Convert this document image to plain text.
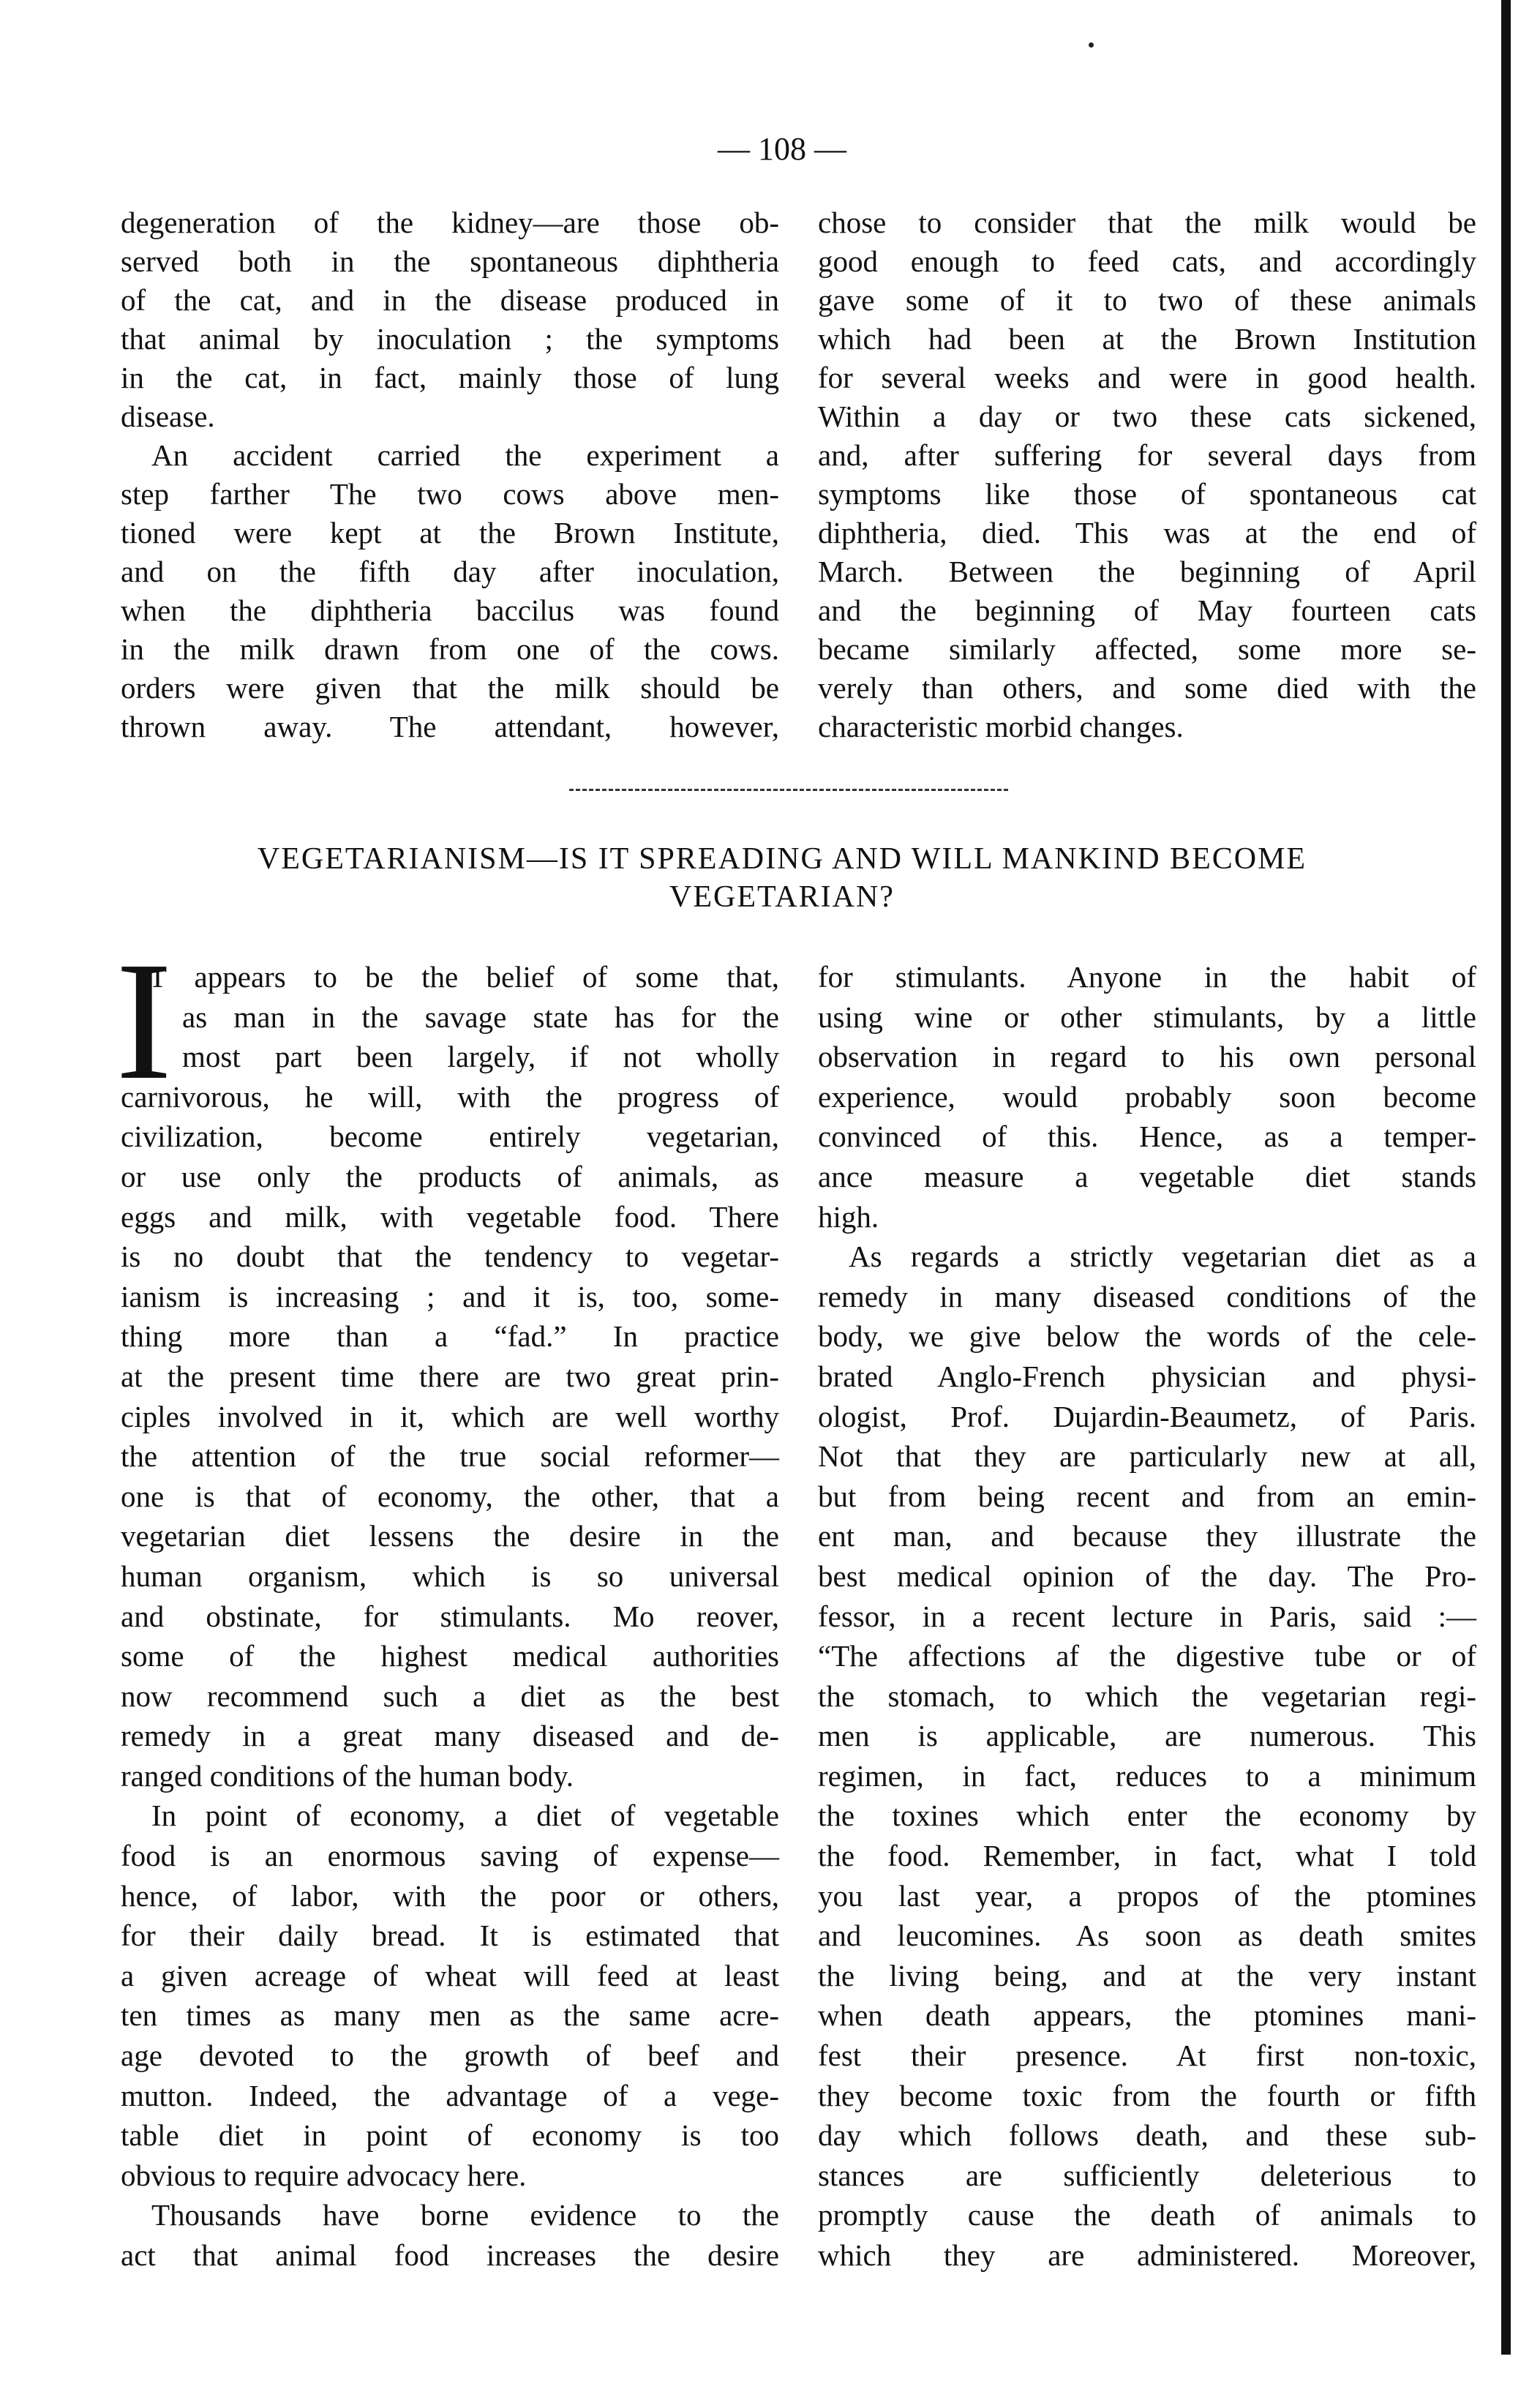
— 108 —
degeneration of the kidney—are those ob-
served both in the spontaneous diphtheria
of the cat, and in the disease produced in
that animal by inoculation ; the symptoms
in the cat, in fact, mainly those of lung
disease.
An accident carried the experiment a
step farther The two cows above men-
tioned were kept at the Brown Institute,
and on the fifth day after inoculation,
when the diphtheria baccilus was found
in the milk drawn from one of the cows.
orders were given that the milk should be
thrown away. The attendant, however,
chose to consider that the milk would be
good enough to feed cats, and accordingly
gave some of it to two of these animals
which had been at the Brown Institution
for several weeks and were in good health.
Within a day or two these cats sickened,
and, after suffering for several days from
symptoms like those of spontaneous cat
diphtheria, died. This was at the end of
March. Between the beginning of April
and the beginning of May fourteen cats
became similarly affected, some more se-
verely than others, and some died with the
characteristic morbid changes.
VEGETARIANISM—IS IT SPREADING AND WILL MANKIND BECOME
VEGETARIAN?
I
T appears to be the belief of some that,
as man in the savage state has for the
most part been largely, if not wholly
carnivorous, he will, with the progress of
civilization, become entirely vegetarian,
or use only the products of animals, as
eggs and milk, with vegetable food. There
is no doubt that the tendency to vegetar-
ianism is increasing ; and it is, too, some-
thing more than a “fad.” In practice
at the present time there are two great prin-
ciples involved in it, which are well worthy
the attention of the true social reformer—
one is that of economy, the other, that a
vegetarian diet lessens the desire in the
human organism, which is so universal
and obstinate, for stimulants. Mo reover,
some of the highest medical authorities
now recommend such a diet as the best
remedy in a great many diseased and de-
ranged conditions of the human body.
In point of economy, a diet of vegetable
food is an enormous saving of expense—
hence, of labor, with the poor or others,
for their daily bread. It is estimated that
a given acreage of wheat will feed at least
ten times as many men as the same acre-
age devoted to the growth of beef and
mutton. Indeed, the advantage of a vege-
table diet in point of economy is too
obvious to require advocacy here.
Thousands have borne evidence to the
act that animal food increases the desire
for stimulants. Anyone in the habit of
using wine or other stimulants, by a little
observation in regard to his own personal
experience, would probably soon become
convinced of this. Hence, as a temper-
ance measure a vegetable diet stands
high.
As regards a strictly vegetarian diet as a
remedy in many diseased conditions of the
body, we give below the words of the cele-
brated Anglo-French physician and physi-
ologist, Prof. Dujardin-Beaumetz, of Paris.
Not that they are particularly new at all,
but from being recent and from an emin-
ent man, and because they illustrate the
best medical opinion of the day. The Pro-
fessor, in a recent lecture in Paris, said :—
“The affections af the digestive tube or of
the stomach, to which the vegetarian regi-
men is applicable, are numerous. This
regimen, in fact, reduces to a minimum
the toxines which enter the economy by
the food. Remember, in fact, what I told
you last year, a propos of the ptomines
and leucomines. As soon as death smites
the living being, and at the very instant
when death appears, the ptomines mani-
fest their presence. At first non-toxic,
they become toxic from the fourth or fifth
day which follows death, and these sub-
stances are sufficiently deleterious to
promptly cause the death of animals to
which they are administered. Moreover,
